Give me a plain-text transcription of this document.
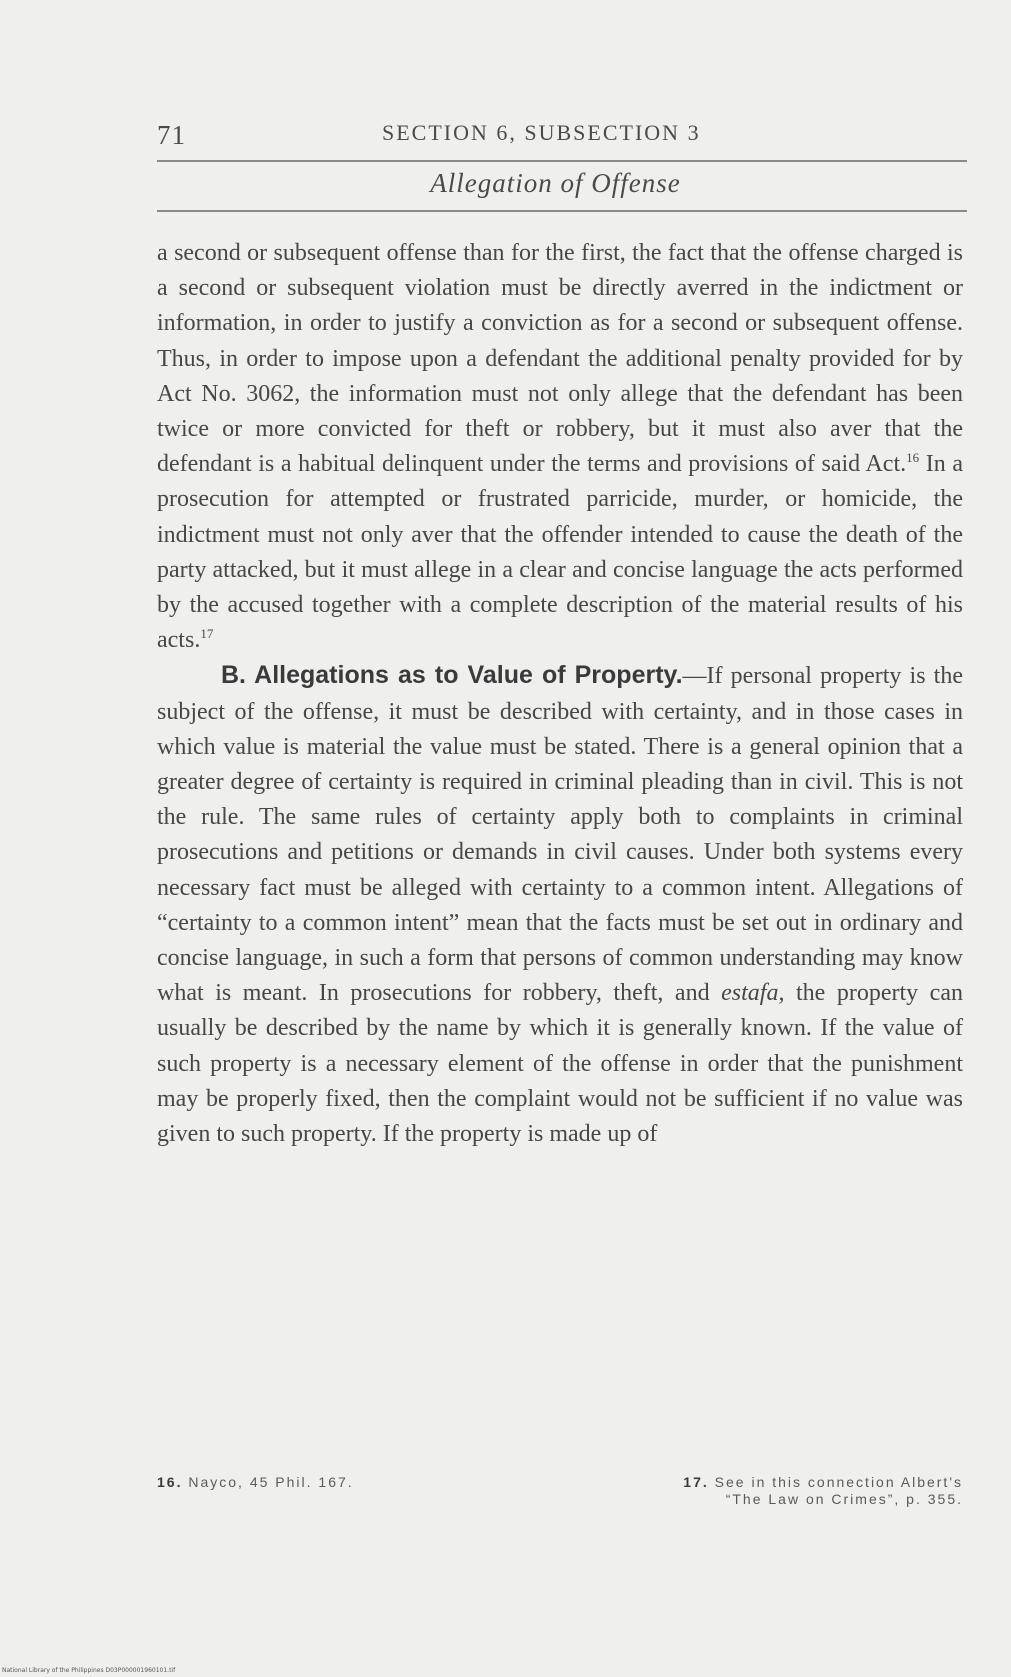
71	SECTION 6, SUBSECTION 3
Allegation of Offense

a second or subsequent offense than for the first, the fact that the offense charged is a second or subsequent violation must be directly averred in the indictment or information, in order to justify a conviction as for a second or subsequent offense. Thus, in order to impose upon a defendant the additional penalty provided for by Act No. 3062, the information must not only allege that the defendant has been twice or more convicted for theft or robbery, but it must also aver that the defendant is a habitual delinquent under the terms and provisions of said Act.$^{16}$ In a prosecution for attempted or frustrated parricide, murder, or homicide, the indictment must not only aver that the offender intended to cause the death of the party attacked, but it must allege in a clear and concise language the acts performed by the accused together with a complete description of the material results of his acts.$^{17}$

B. Allegations as to Value of Property.—If personal property is the subject of the offense, it must be described with certainty, and in those cases in which value is material the value must be stated. There is a general opinion that a greater degree of certainty is required in criminal pleading than in civil. This is not the rule. The same rules of certainty apply both to complaints in criminal prosecutions and petitions or demands in civil causes. Under both systems every necessary fact must be alleged with certainty to a common intent. Allegations of “certainty to a common intent” mean that the facts must be set out in ordinary and concise language, in such a form that persons of common understanding may know what is meant. In prosecutions for robbery, theft, and estafa, the property can usually be described by the name by which it is generally known. If the value of such property is a necessary element of the offense in order that the punishment may be properly fixed, then the complaint would not be sufficient if no value was given to such property. If the property is made up of

16. Nayco, 45 Phil. 167.	17. See in this connection Albert's
“The Law on Crimes”, p. 355.
National Library of the Philippines D03P000001960101.tif
